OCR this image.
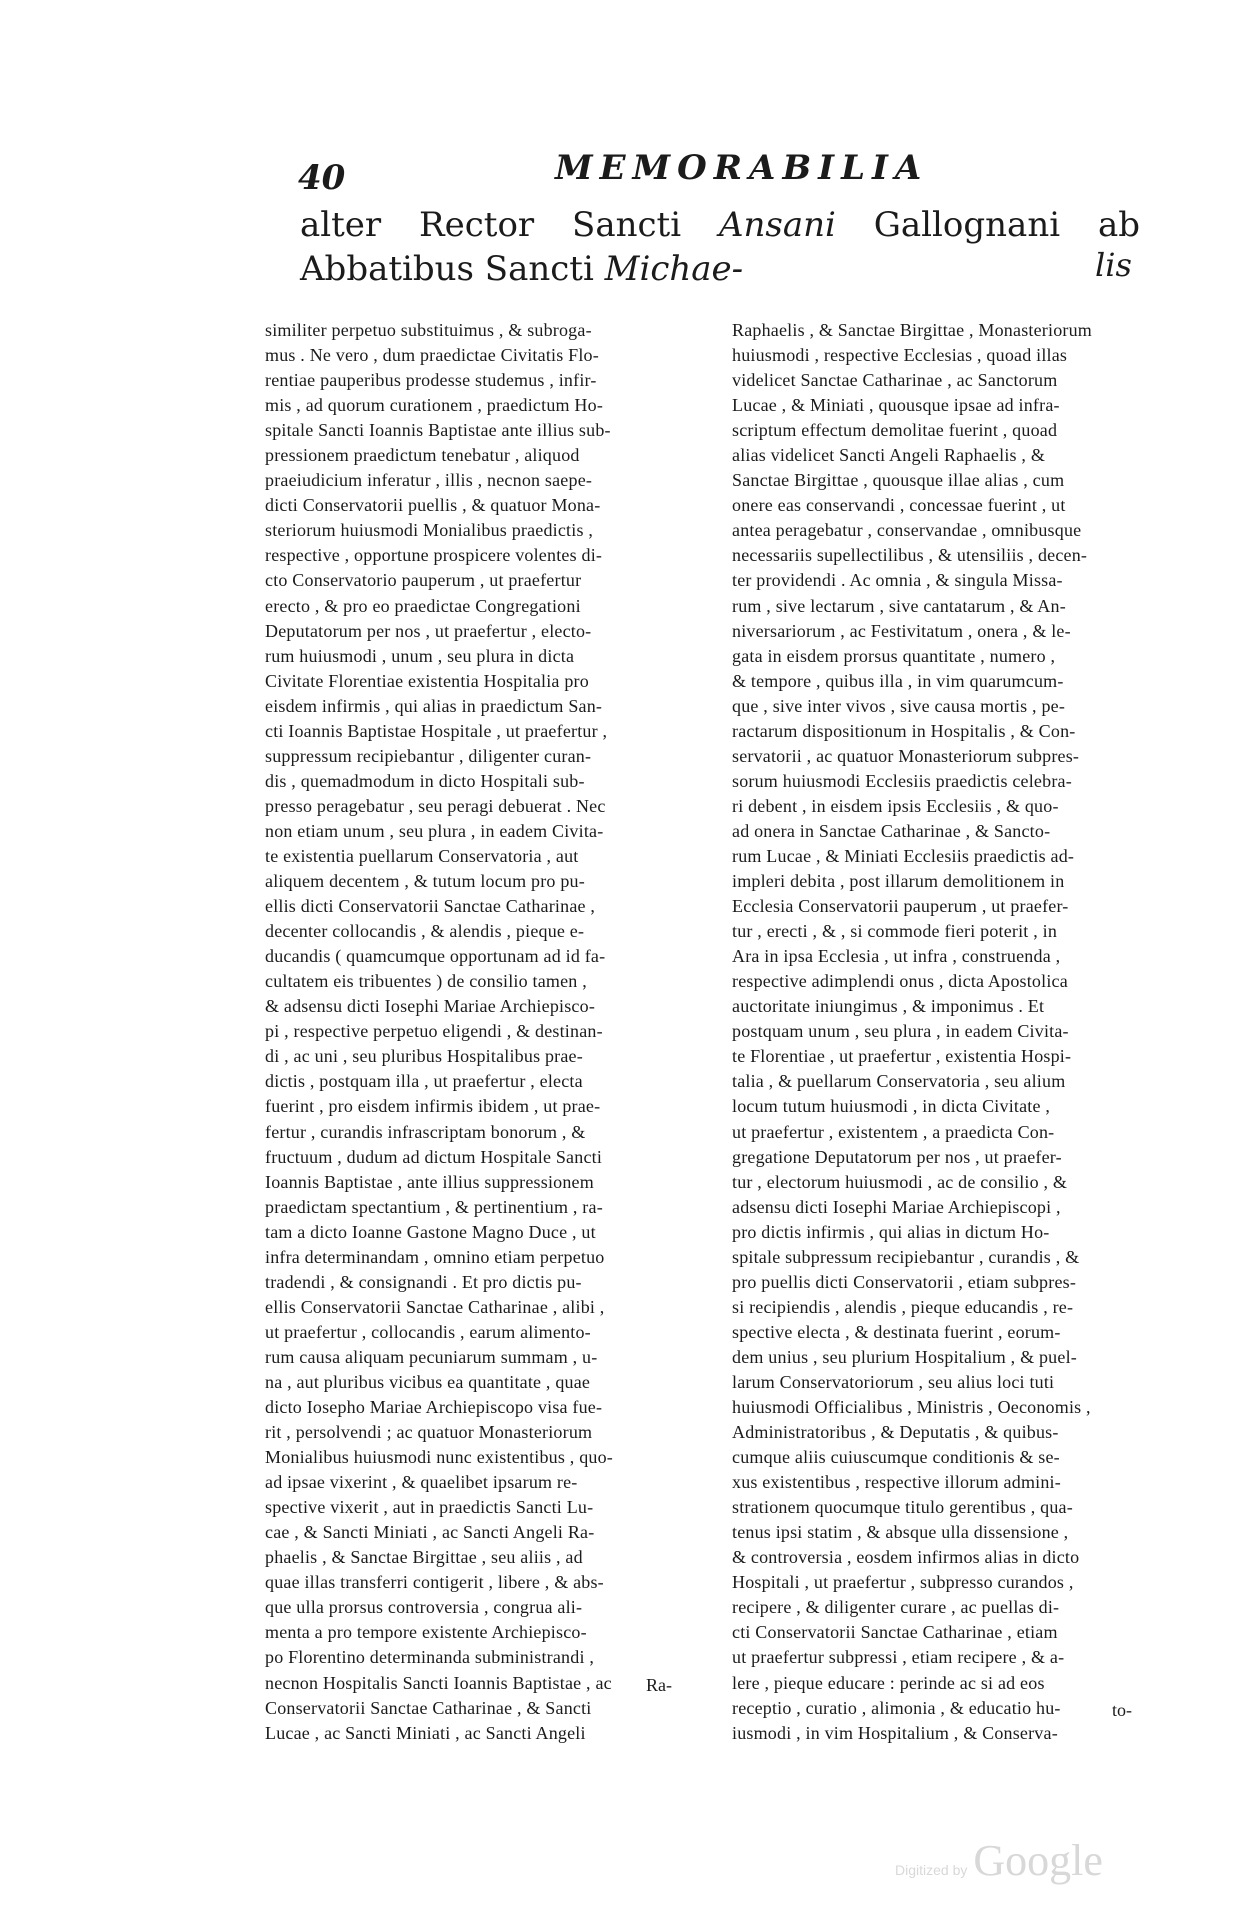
40	MEMORABILIA
alter Rector Sancti Ansani Gallognani ab Abbatibus Sancti Michae-	lis
similiter perpetuo substituimus , & subroga-
mus . Ne vero , dum praedictae Civitatis Flo-
rentiae pauperibus prodesse studemus , infir-
mis , ad quorum curationem , praedictum Ho-
spitale Sancti Ioannis Baptistae ante illius sub-
pressionem praedictum tenebatur , aliquod
praeiudicium inferatur , illis , necnon saepe-
dicti Conservatorii puellis , & quatuor Mona-
steriorum huiusmodi Monialibus praedictis ,
respective , opportune prospicere volentes di-
cto Conservatorio pauperum , ut praefertur
erecto , & pro eo praedictae Congregationi
Deputatorum per nos , ut praefertur , electo-
rum huiusmodi , unum , seu plura in dicta
Civitate Florentiae existentia Hospitalia pro
eisdem infirmis , qui alias in praedictum San-
cti Ioannis Baptistae Hospitale , ut praefertur ,
suppressum recipiebantur , diligenter curan-
dis , quemadmodum in dicto Hospitali sub-
presso peragebatur , seu peragi debuerat . Nec
non etiam unum , seu plura , in eadem Civita-
te existentia puellarum Conservatoria , aut
aliquem decentem , & tutum locum pro pu-
ellis dicti Conservatorii Sanctae Catharinae ,
decenter collocandis , & alendis , pieque e-
ducandis ( quamcumque opportunam ad id fa-
cultatem eis tribuentes ) de consilio tamen ,
& adsensu dicti Iosephi Mariae Archiepisco-
pi , respective perpetuo eligendi , & destinan-
di , ac uni , seu pluribus Hospitalibus prae-
dictis , postquam illa , ut praefertur , electa
fuerint , pro eisdem infirmis ibidem , ut prae-
fertur , curandis infrascriptam bonorum , &
fructuum , dudum ad dictum Hospitale Sancti
Ioannis Baptistae , ante illius suppressionem
praedictam spectantium , & pertinentium , ra-
tam a dicto Ioanne Gastone Magno Duce , ut
infra determinandam , omnino etiam perpetuo
tradendi , & consignandi . Et pro dictis pu-
ellis Conservatorii Sanctae Catharinae , alibi ,
ut praefertur , collocandis , earum alimento-
rum causa aliquam pecuniarum summam , u-
na , aut pluribus vicibus ea quantitate , quae
dicto Iosepho Mariae Archiepiscopo visa fue-
rit , persolvendi ; ac quatuor Monasteriorum
Monialibus huiusmodi nunc existentibus , quo-
ad ipsae vixerint , & quaelibet ipsarum re-
spective vixerit , aut in praedictis Sancti Lu-
cae , & Sancti Miniati , ac Sancti Angeli Ra-
phaelis , & Sanctae Birgittae , seu aliis , ad
quae illas transferri contigerit , libere , & abs-
que ulla prorsus controversia , congrua ali-
menta a pro tempore existente Archiepisco-
po Florentino determinanda subministrandi ,
necnon Hospitalis Sancti Ioannis Baptistae , ac
Conservatorii Sanctae Catharinae , & Sancti
Lucae , ac Sancti Miniati , ac Sancti Angeli
Raphaelis , & Sanctae Birgittae , Monasteriorum
huiusmodi , respective Ecclesias , quoad illas
videlicet Sanctae Catharinae , ac Sanctorum
Lucae , & Miniati , quousque ipsae ad infra-
scriptum effectum demolitae fuerint , quoad
alias videlicet Sancti Angeli Raphaelis , &
Sanctae Birgittae , quousque illae alias , cum
onere eas conservandi , concessae fuerint , ut
antea peragebatur , conservandae , omnibusque
necessariis supellectilibus , & utensiliis , decen-
ter providendi . Ac omnia , & singula Missa-
rum , sive lectarum , sive cantatarum , & An-
niversariorum , ac Festivitatum , onera , & le-
gata in eisdem prorsus quantitate , numero ,
& tempore , quibus illa , in vim quarumcum-
que , sive inter vivos , sive causa mortis , pe-
ractarum dispositionum in Hospitalis , & Con-
servatorii , ac quatuor Monasteriorum subpres-
sorum huiusmodi Ecclesiis praedictis celebra-
ri debent , in eisdem ipsis Ecclesiis , & quo-
ad onera in Sanctae Catharinae , & Sancto-
rum Lucae , & Miniati Ecclesiis praedictis ad-
impleri debita , post illarum demolitionem in
Ecclesia Conservatorii pauperum , ut praefer-
tur , erecti , & , si commode fieri poterit , in
Ara in ipsa Ecclesia , ut infra , construenda ,
respective adimplendi onus , dicta Apostolica
auctoritate iniungimus , & imponimus . Et
postquam unum , seu plura , in eadem Civita-
te Florentiae , ut praefertur , existentia Hospi-
talia , & puellarum Conservatoria , seu alium
locum tutum huiusmodi , in dicta Civitate ,
ut praefertur , existentem , a praedicta Con-
gregatione Deputatorum per nos , ut praefer-
tur , electorum huiusmodi , ac de consilio , &
adsensu dicti Iosephi Mariae Archiepiscopi ,
pro dictis infirmis , qui alias in dictum Ho-
spitale subpressum recipiebantur , curandis , &
pro puellis dicti Conservatorii , etiam subpres-
si recipiendis , alendis , pieque educandis , re-
spective electa , & destinata fuerint , eorum-
dem unius , seu plurium Hospitalium , & puel-
larum Conservatoriorum , seu alius loci tuti
huiusmodi Officialibus , Ministris , Oeconomis ,
Administratoribus , & Deputatis , & quibus-
cumque aliis cuiuscumque conditionis & se-
xus existentibus , respective illorum admini-
strationem quocumque titulo gerentibus , qua-
tenus ipsi statim , & absque ulla dissensione ,
& controversia , eosdem infirmos alias in dicto
Hospitali , ut praefertur , subpresso curandos ,
recipere , & diligenter curare , ac puellas di-
cti Conservatorii Sanctae Catharinae , etiam
ut praefertur subpressi , etiam recipere , & a-
lere , pieque educare : perinde ac si ad eos
receptio , curatio , alimonia , & educatio hu-
iusmodi , in vim Hospitalium , & Conserva-
Ra-
to-
Digitized by Google
